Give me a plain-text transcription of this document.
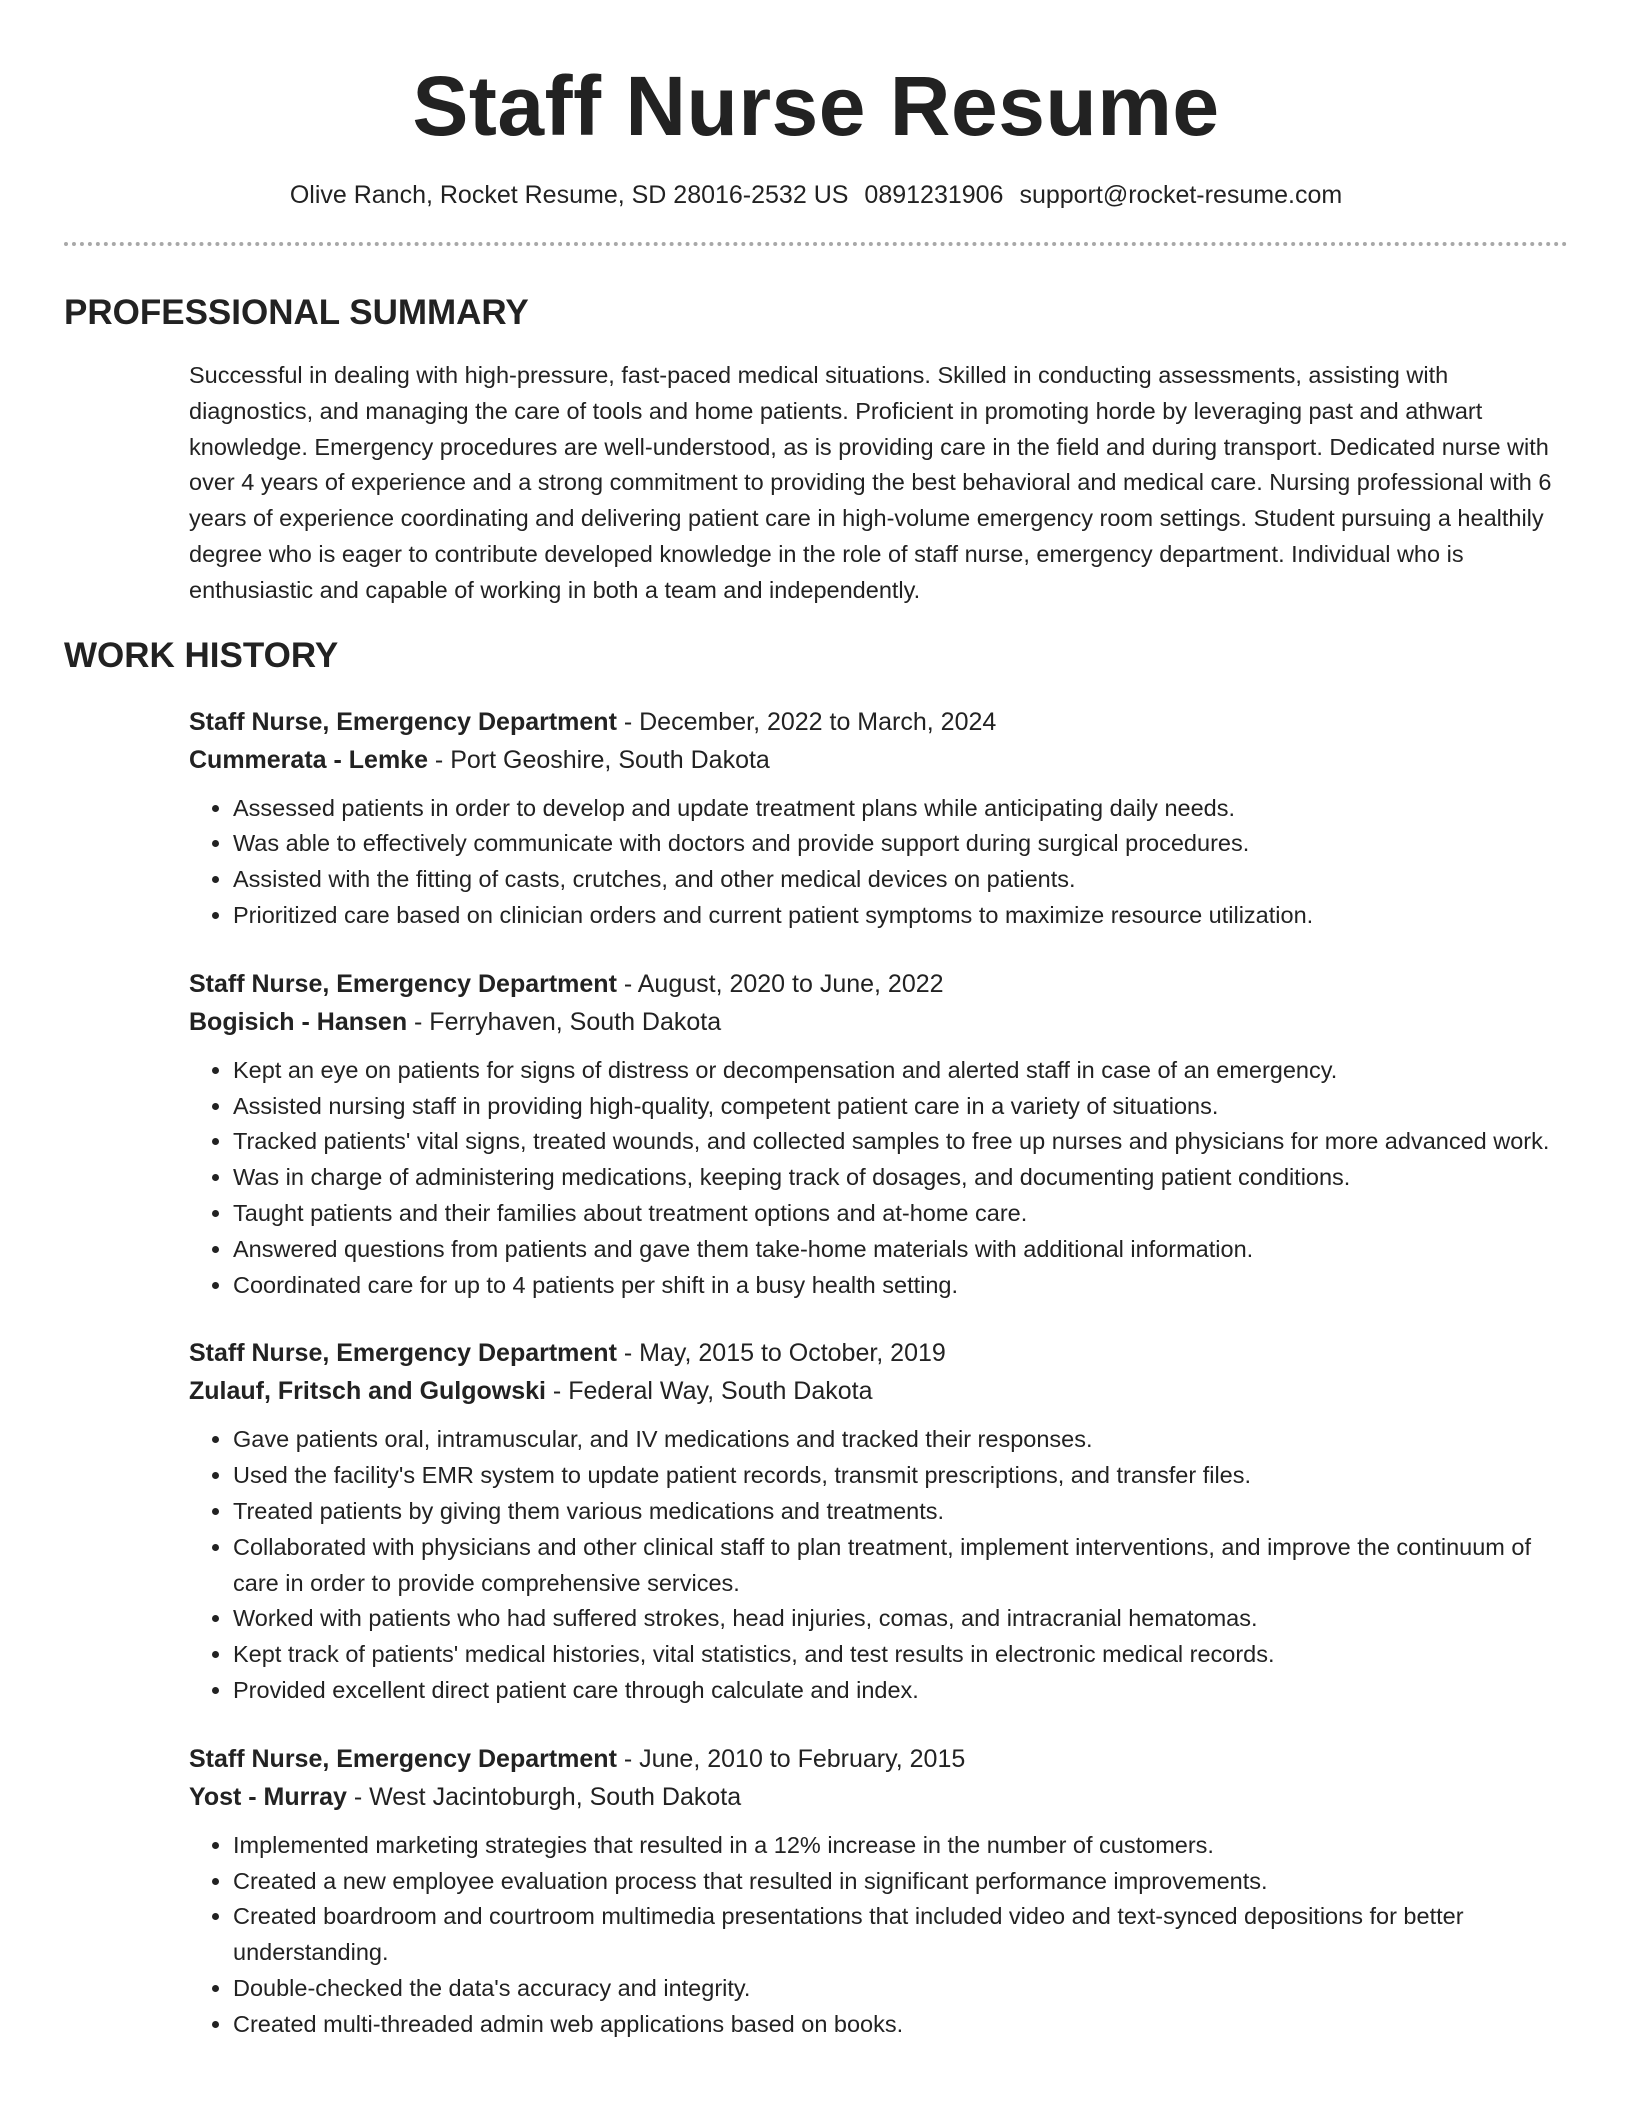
Staff Nurse Resume
Olive Ranch, Rocket Resume, SD 28016-2532 US 0891231906 support@rocket-resume.com
PROFESSIONAL SUMMARY

Successful in dealing with high-pressure, fast-paced medical situations. Skilled in conducting assessments, assisting with diagnostics, and managing the care of tools and home patients. Proficient in promoting horde by leveraging past and athwart knowledge. Emergency procedures are well-understood, as is providing care in the field and during transport. Dedicated nurse with over 4 years of experience and a strong commitment to providing the best behavioral and medical care. Nursing professional with 6 years of experience coordinating and delivering patient care in high-volume emergency room settings. Student pursuing a healthily degree who is eager to contribute developed knowledge in the role of staff nurse, emergency department. Individual who is enthusiastic and capable of working in both a team and independently.

WORK HISTORY
Staff Nurse, Emergency Department - December, 2022 to March, 2024
Cummerata - Lemke - Port Geoshire, South Dakota
• Assessed patients in order to develop and update treatment plans while anticipating daily needs.
• Was able to effectively communicate with doctors and provide support during surgical procedures.
• Assisted with the fitting of casts, crutches, and other medical devices on patients.
• Prioritized care based on clinician orders and current patient symptoms to maximize resource utilization.
Staff Nurse, Emergency Department - August, 2020 to June, 2022
Bogisich - Hansen - Ferryhaven, South Dakota
• Kept an eye on patients for signs of distress or decompensation and alerted staff in case of an emergency.
• Assisted nursing staff in providing high-quality, competent patient care in a variety of situations.
• Tracked patients' vital signs, treated wounds, and collected samples to free up nurses and physicians for more advanced work.
• Was in charge of administering medications, keeping track of dosages, and documenting patient conditions.
• Taught patients and their families about treatment options and at-home care.
• Answered questions from patients and gave them take-home materials with additional information.
• Coordinated care for up to 4 patients per shift in a busy health setting.
Staff Nurse, Emergency Department - May, 2015 to October, 2019
Zulauf, Fritsch and Gulgowski - Federal Way, South Dakota
• Gave patients oral, intramuscular, and IV medications and tracked their responses.
• Used the facility's EMR system to update patient records, transmit prescriptions, and transfer files.
• Treated patients by giving them various medications and treatments.
• Collaborated with physicians and other clinical staff to plan treatment, implement interventions, and improve the continuum of care in order to provide comprehensive services.
• Worked with patients who had suffered strokes, head injuries, comas, and intracranial hematomas.
• Kept track of patients' medical histories, vital statistics, and test results in electronic medical records.
• Provided excellent direct patient care through calculate and index.
Staff Nurse, Emergency Department - June, 2010 to February, 2015
Yost - Murray - West Jacintoburgh, South Dakota
• Implemented marketing strategies that resulted in a 12% increase in the number of customers.
• Created a new employee evaluation process that resulted in significant performance improvements.
• Created boardroom and courtroom multimedia presentations that included video and text-synced depositions for better understanding.
• Double-checked the data's accuracy and integrity.
• Created multi-threaded admin web applications based on books.
